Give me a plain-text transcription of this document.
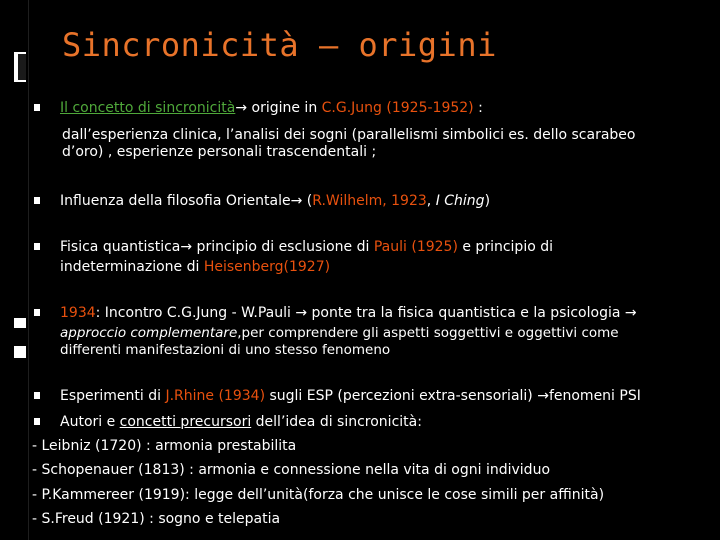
Sincronicità – origini
Il concetto di sincronicità→ origine in C.G.Jung (1925-1952) :
dall’esperienza clinica, l’analisi dei sogni (parallelismi simbolici es. dello scarabeo
d’oro) , esperienze personali trascendentali ;
Influenza della filosofia Orientale→ (R.Wilhelm, 1923, I Ching)
Fisica quantistica→ principio di esclusione di Pauli (1925) e principio di
indeterminazione di Heisenberg(1927)
1934: Incontro C.G.Jung - W.Pauli → ponte tra la fisica quantistica e la psicologia →
approccio complementare,per comprendere gli aspetti soggettivi e oggettivi come
differenti manifestazioni di uno stesso fenomeno
Esperimenti di J.Rhine (1934) sugli ESP (percezioni extra-sensoriali) →fenomeni PSI
Autori e concetti precursori dell’idea di sincronicità:
- Leibniz (1720) : armonia prestabilita
- Schopenauer (1813) : armonia e connessione nella vita di ogni individuo
- P.Kammereer (1919): legge dell’unità(forza che unisce le cose simili per affinità)
- S.Freud (1921) : sogno e telepatia
